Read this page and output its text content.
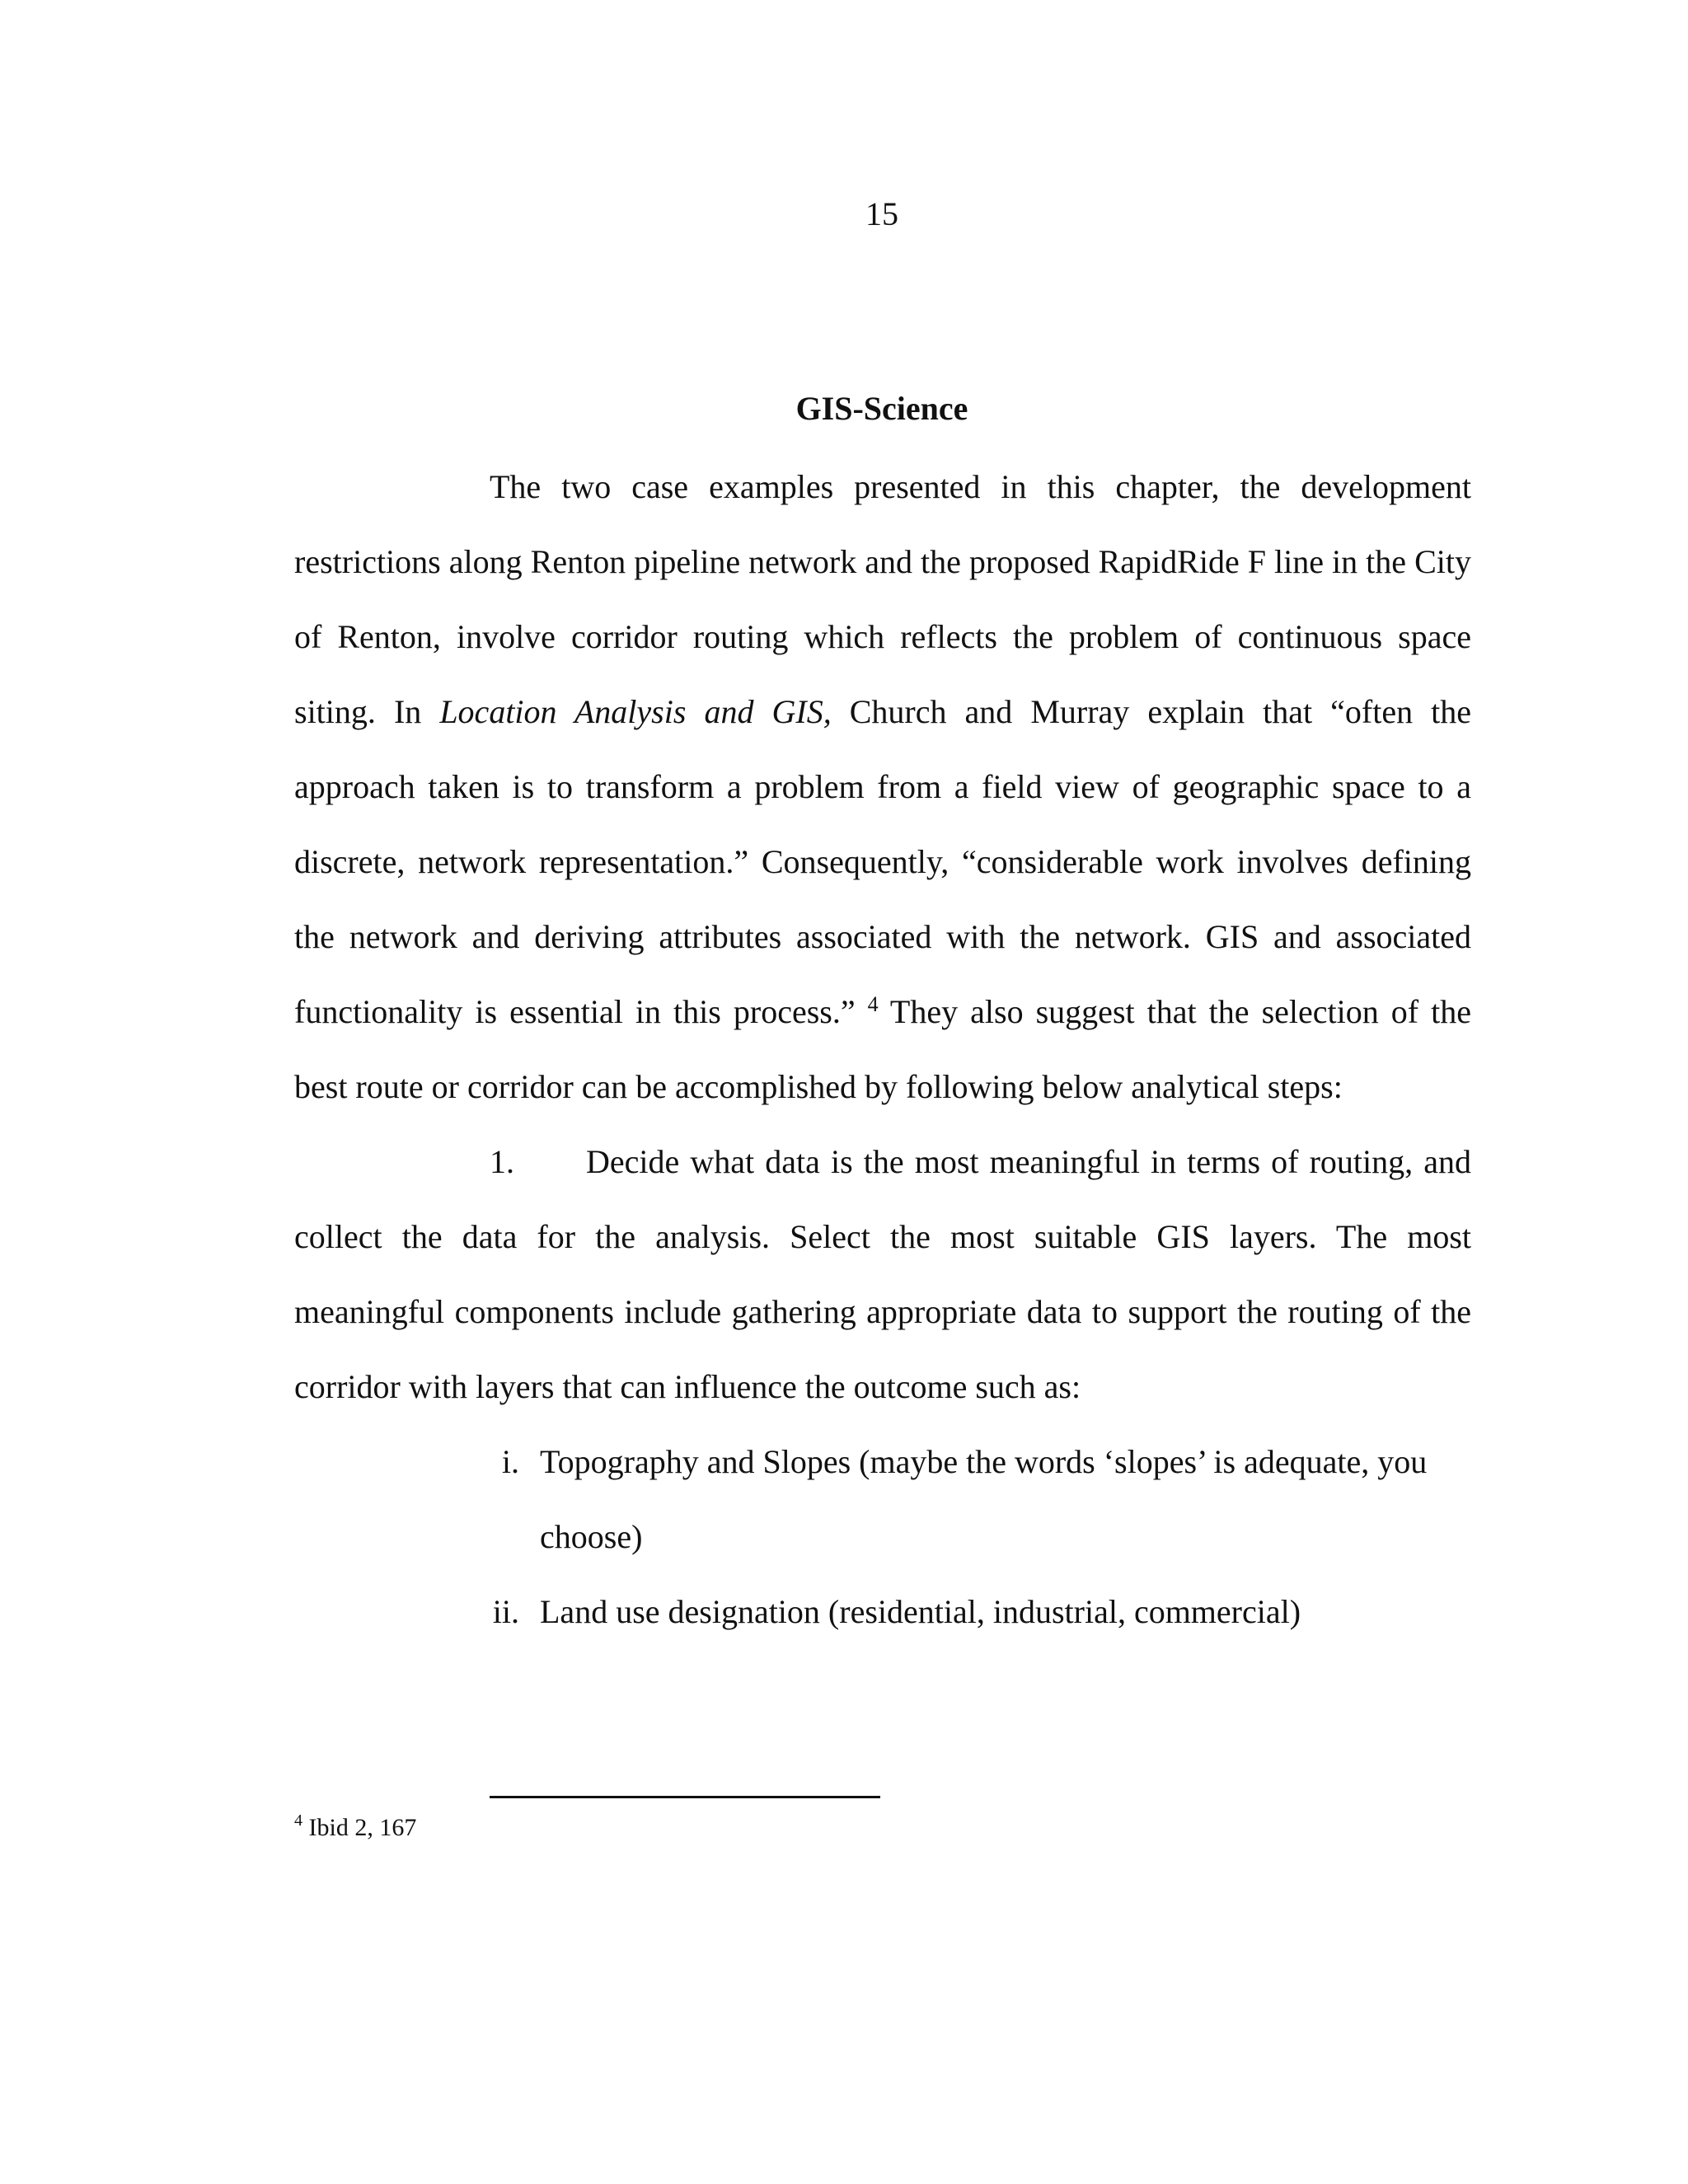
15
GIS-Science

The two case examples presented in this chapter, the development restrictions along Renton pipeline network and the proposed RapidRide F line in the City of Renton, involve corridor routing which reflects the problem of continuous space siting. In Location Analysis and GIS, Church and Murray explain that “often the approach taken is to transform a problem from a field view of geographic space to a discrete, network representation.” Consequently, “considerable work involves defining the network and deriving attributes associated with the network. GIS and associated functionality is essential in this process.” $^4$ They also suggest that the selection of the best route or corridor can be accomplished by following below analytical steps:

1. Decide what data is the most meaningful in terms of routing, and collect the data for the analysis. Select the most suitable GIS layers. The most meaningful components include gathering appropriate data to support the routing of the corridor with layers that can influence the outcome such as:

i. Topography and Slopes (maybe the words ‘slopes’ is adequate, you choose)
ii. Land use designation (residential, industrial, commercial)
$^4$ Ibid 2, 167
